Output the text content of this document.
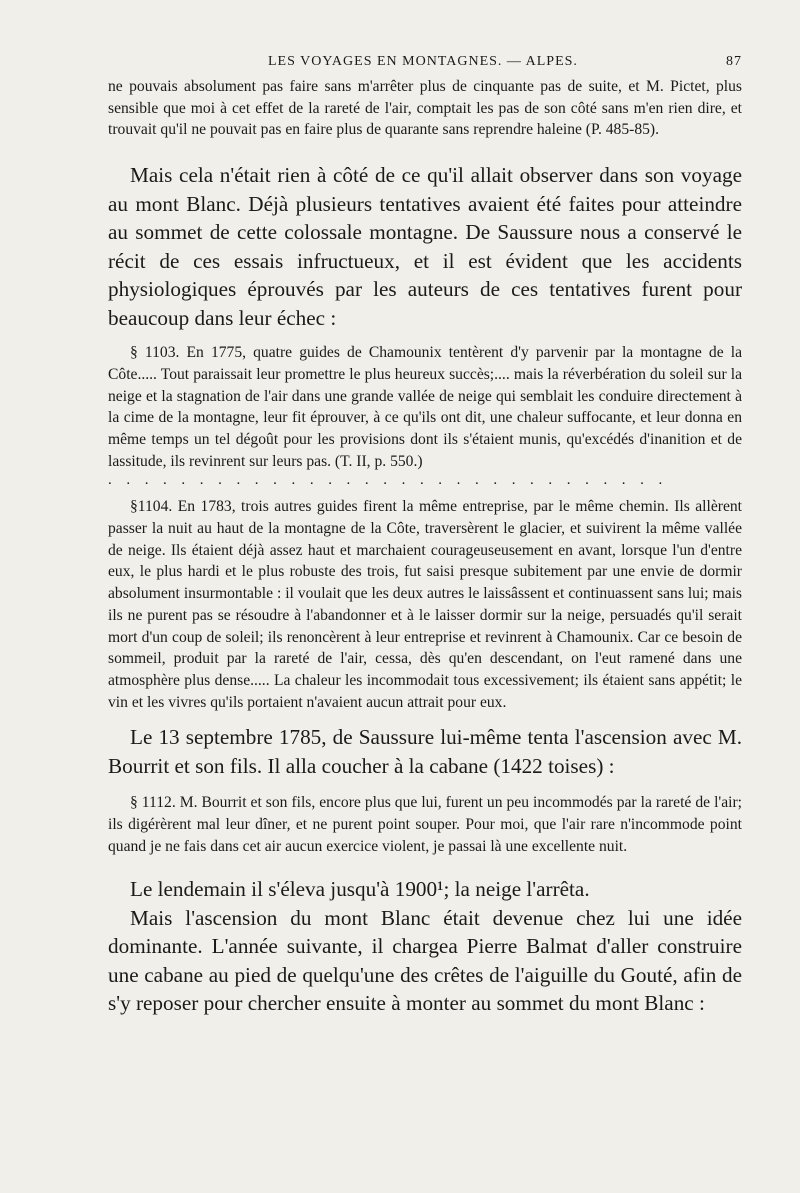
LES VOYAGES EN MONTAGNES. — ALPES.	87

ne pouvais absolument pas faire sans m'arrêter plus de cinquante pas de suite, et M. Pictet, plus sensible que moi à cet effet de la rareté de l'air, comptait les pas de son côté sans m'en rien dire, et trouvait qu'il ne pouvait pas en faire plus de quarante sans reprendre haleine (P. 485-85).

Mais cela n'était rien à côté de ce qu'il allait observer dans son voyage au mont Blanc. Déjà plusieurs tentatives avaient été faites pour atteindre au sommet de cette colossale montagne. De Saussure nous a conservé le récit de ces essais infructueux, et il est évident que les accidents physiologiques éprouvés par les auteurs de ces tentatives furent pour beaucoup dans leur échec :

§ 1103. En 1775, quatre guides de Chamounix tentèrent d'y parvenir par la montagne de la Côte..... Tout paraissait leur promettre le plus heureux succès;.... mais la réverbération du soleil sur la neige et la stagnation de l'air dans une grande vallée de neige qui semblait les conduire directement à la cime de la montagne, leur fit éprouver, à ce qu'ils ont dit, une chaleur suffocante, et leur donna en même temps un tel dégoût pour les provisions dont ils s'étaient munis, qu'excédés d'inanition et de lassitude, ils revinrent sur leurs pas. (T. II, p. 550.)

...............................

§1104. En 1783, trois autres guides firent la même entreprise, par le même chemin. Ils allèrent passer la nuit au haut de la montagne de la Côte, traversèrent le glacier, et suivirent la même vallée de neige. Ils étaient déjà assez haut et marchaient courageuseusement en avant, lorsque l'un d'entre eux, le plus hardi et le plus robuste des trois, fut saisi presque subitement par une envie de dormir absolument insurmontable : il voulait que les deux autres le laissâssent et continuassent sans lui; mais ils ne purent pas se résoudre à l'abandonner et à le laisser dormir sur la neige, persuadés qu'il serait mort d'un coup de soleil; ils renoncèrent à leur entreprise et revinrent à Chamounix. Car ce besoin de sommeil, produit par la rareté de l'air, cessa, dès qu'en descendant, on l'eut ramené dans une atmosphère plus dense..... La chaleur les incommodait tous excessivement; ils étaient sans appétit; le vin et les vivres qu'ils portaient n'avaient aucun attrait pour eux.

Le 13 septembre 1785, de Saussure lui-même tenta l'ascension avec M. Bourrit et son fils. Il alla coucher à la cabane (1422 toises) :

§ 1112. M. Bourrit et son fils, encore plus que lui, furent un peu incommodés par la rareté de l'air; ils digérèrent mal leur dîner, et ne purent point souper. Pour moi, que l'air rare n'incommode point quand je ne fais dans cet air aucun exercice violent, je passai là une excellente nuit.

Le lendemain il s'éleva jusqu'à 1900¹; la neige l'arrêta.

Mais l'ascension du mont Blanc était devenue chez lui une idée dominante. L'année suivante, il chargea Pierre Balmat d'aller construire une cabane au pied de quelqu'une des crêtes de l'aiguille du Gouté, afin de s'y reposer pour chercher ensuite à monter au sommet du mont Blanc :
